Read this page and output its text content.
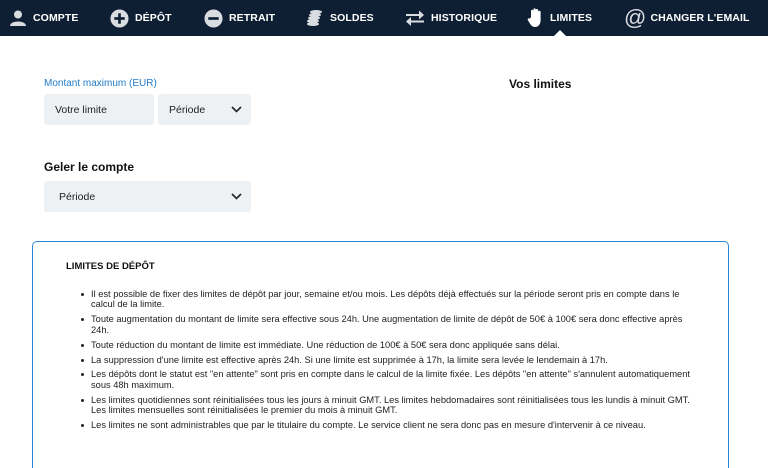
COMPTE	DÉPÔT	RETRAIT	SOLDES	HISTORIQUE	LIMITES @ CHANGER L'EMAIL
Montant maximum (EUR)
Votre limite	Période
Vos limites
Geler le compte
Période
LIMITES DE DÉPÔT
Il est possible de fixer des limites de dépôt par jour, semaine et/ou mois. Les dépôts déjà effectués sur la période seront pris en compte dans le calcul de la limite.
Toute augmentation du montant de limite sera effective sous 24h. Une augmentation de limite de dépôt de 50€ à 100€ sera donc effective après 24h.
Toute réduction du montant de limite est immédiate. Une réduction de 100€ à 50€ sera donc appliquée sans délai.
La suppression d'une limite est effective après 24h. Si une limite est supprimée à 17h, la limite sera levée le lendemain à 17h.
Les dépôts dont le statut est "en attente" sont pris en compte dans le calcul de la limite fixée. Les dépôts "en attente" s'annulent automatiquement sous 48h maximum.
Les limites quotidiennes sont réinitialisées tous les jours à minuit GMT. Les limites hebdomadaires sont réinitialisées tous les lundis à minuit GMT. Les limites mensuelles sont réinitialisées le premier du mois à minuit GMT.
Les limites ne sont administrables que par le titulaire du compte. Le service client ne sera donc pas en mesure d'intervenir à ce niveau.
